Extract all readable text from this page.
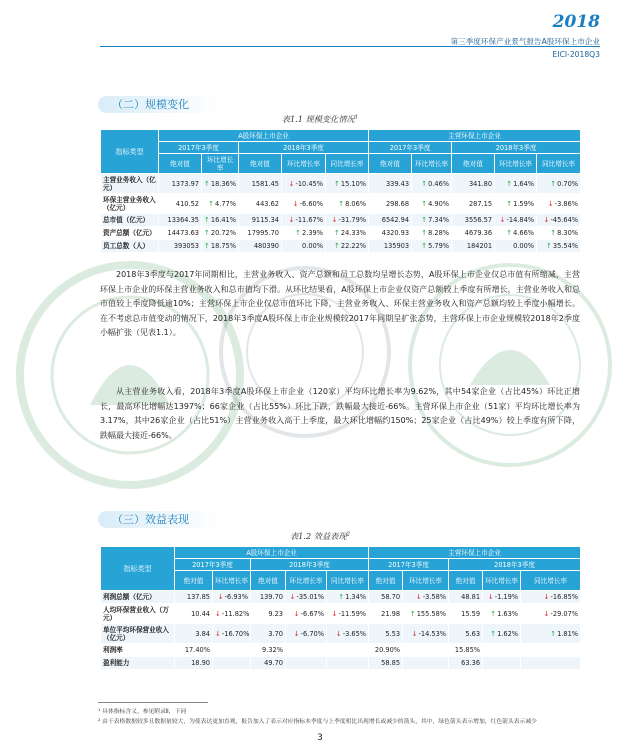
2018
第三季度环保产业景气报告A股环保上市企业
EICI-2018Q3
（二）规模变化
表1.1 规模变化情况$^1$
指标类型	A股环保上市企业					主营环保上市企业				
	2017年3季度		2018年3季度			2017年3季度		2018年3季度		
	绝对值	环比增长率	绝对值	环比增长率	同比增长率	绝对值	环比增长率	绝对值	环比增长率	同比增长率
主营业务收入（亿元）	1373.97	↑18.36%	1581.45	↓-10.45%	↑15.10%	339.43	↑0.46%	341.80	↑1.64%	↑0.70%
环保主营业务收入（亿元）	410.52	↑4.77%	443.62	↓-6.60%	↑8.06%	298.68	↑4.90%	287.15	↑1.59%	↓-3.86%
总市值（亿元）	13364.35	↑16.41%	9115.34	↓-11.67%	↓-31.79%	6542.94	↑7.34%	3556.57	↓-14.84%	↓-45.64%
资产总额（亿元）	14473.63	↑20.72%	17995.70	↑2.39%	↑24.33%	4320.93	↑8.28%	4679.36	↑4.66%	↑8.30%
员工总数（人）	393053	↑18.75%	480390	0.00%	↑22.22%	135903	↑5.79%	184201	0.00%	↑35.54%
2018年3季度与2017年同期相比，主营业务收入、资产总额和员工总数均呈增长态势，A股环保上市企业仅总市值有所缩减，主营环保上市企业的环保主营业务收入和总市值均下滑。从环比结果看，A股环保上市企业仅资产总额较上季度有所增长，主营业务收入和总市值较上季度降低逾10%；主营环保上市企业仅总市值环比下降，主营业务收入、环保主营业务收入和资产总额均较上季度小幅增长。在不考虑总市值变动的情况下，2018年3季度A股环保上市企业规模较2017年同期呈扩张态势，主营环保上市企业规模较2018年2季度小幅扩张（见表1.1）。
从主营业务收入看，2018年3季度A股环保上市企业（120家）平均环比增长率为9.62%，其中54家企业（占比45%）环比正增长，最高环比增幅达1397%；66家企业（占比55%）环比下跌，跌幅最大接近-66%。主营环保上市企业（51家）平均环比增长率为3.17%，其中26家企业（占比51%）主营业务收入高于上季度，最大环比增幅约150%；25家企业（占比49%）较上季度有所下降，跌幅最大接近-66%。
（三）效益表现
表1.2 效益表现$^2$
指标类型	A股环保上市企业					主营环保上市企业				
	2017年3季度		2018年3季度			2017年3季度		2018年3季度		
	绝对值	环比增长率	绝对值	环比增长率	同比增长率	绝对值	环比增长率	绝对值	环比增长率	同比增长率
利润总额（亿元）	137.85	↓-6.93%	139.70	↓-35.01%	↑1.34%	58.70	↓-3.58%	48.81	↓-1.19%	↓-16.85%
人均环保营业收入（万元）	10.44	↓-11.82%	9.23	↓-6.67%	↓-11.59%	21.98	↑155.58%	15.59	↑1.63%	↓-29.07%
单位平均环保营业收入（亿元）	3.84	↓-16.70%	3.70	↓-6.70%	↓-3.65%	5.53	↓-14.53%	5.63	↑1.62%	↑1.81%
利润率	17.40%		9.32%			20.90%		15.85%		
盈利能力	18.90		49.70			58.85		63.36		
¹ 具体指标含义，参见附录Ⅱ，下同
² 由于表格数据较多且数据量较大，为使表达更加直观，报告加入了表示对应指标本季度与上季度相比出现增长或减少的箭头，其中，绿色箭头表示增加，红色箭头表示减少
3
